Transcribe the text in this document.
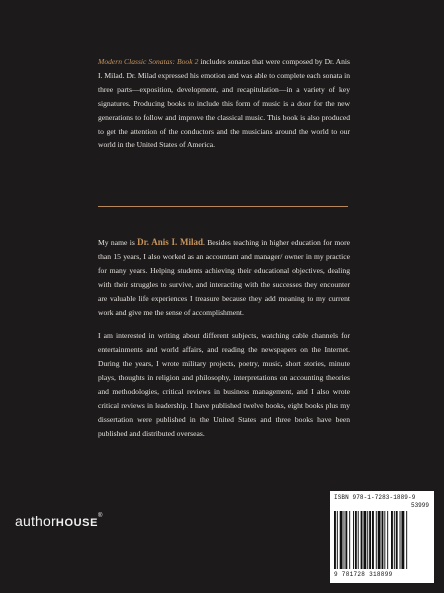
Modern Classic Sonatas: Book 2 includes sonatas that were composed by Dr. Anis I. Milad. Dr. Milad expressed his emotion and was able to complete each sonata in three parts—exposition, development, and recapitulation—in a variety of key signatures. Producing books to include this form of music is a door for the new generations to follow and improve the classical music. This book is also produced to get the attention of the conductors and the musicians around the world to our world in the United States of America.

My name is Dr. Anis I. Milad. Besides teaching in higher education for more than 15 years, I also worked as an accountant and manager/ owner in my practice for many years. Helping students achieving their educational objectives, dealing with their struggles to survive, and interacting with the successes they encounter are valuable life experiences I treasure because they add meaning to my current work and give me the sense of accomplishment.

I am interested in writing about different subjects, watching cable channels for entertainments and world affairs, and reading the newspapers on the Internet. During the years, I wrote military projects, poetry, music, short stories, minute plays, thoughts in religion and philosophy, interpretations on accounting theories and methodologies, critical reviews in business management, and I also wrote critical reviews in leadership. I have published twelve books, eight books plus my dissertation were published in the United States and three books have been published and distributed overseas.

authorHOUSE®
ISBN 978-1-7283-1889-9
53999
9 781728 318899
